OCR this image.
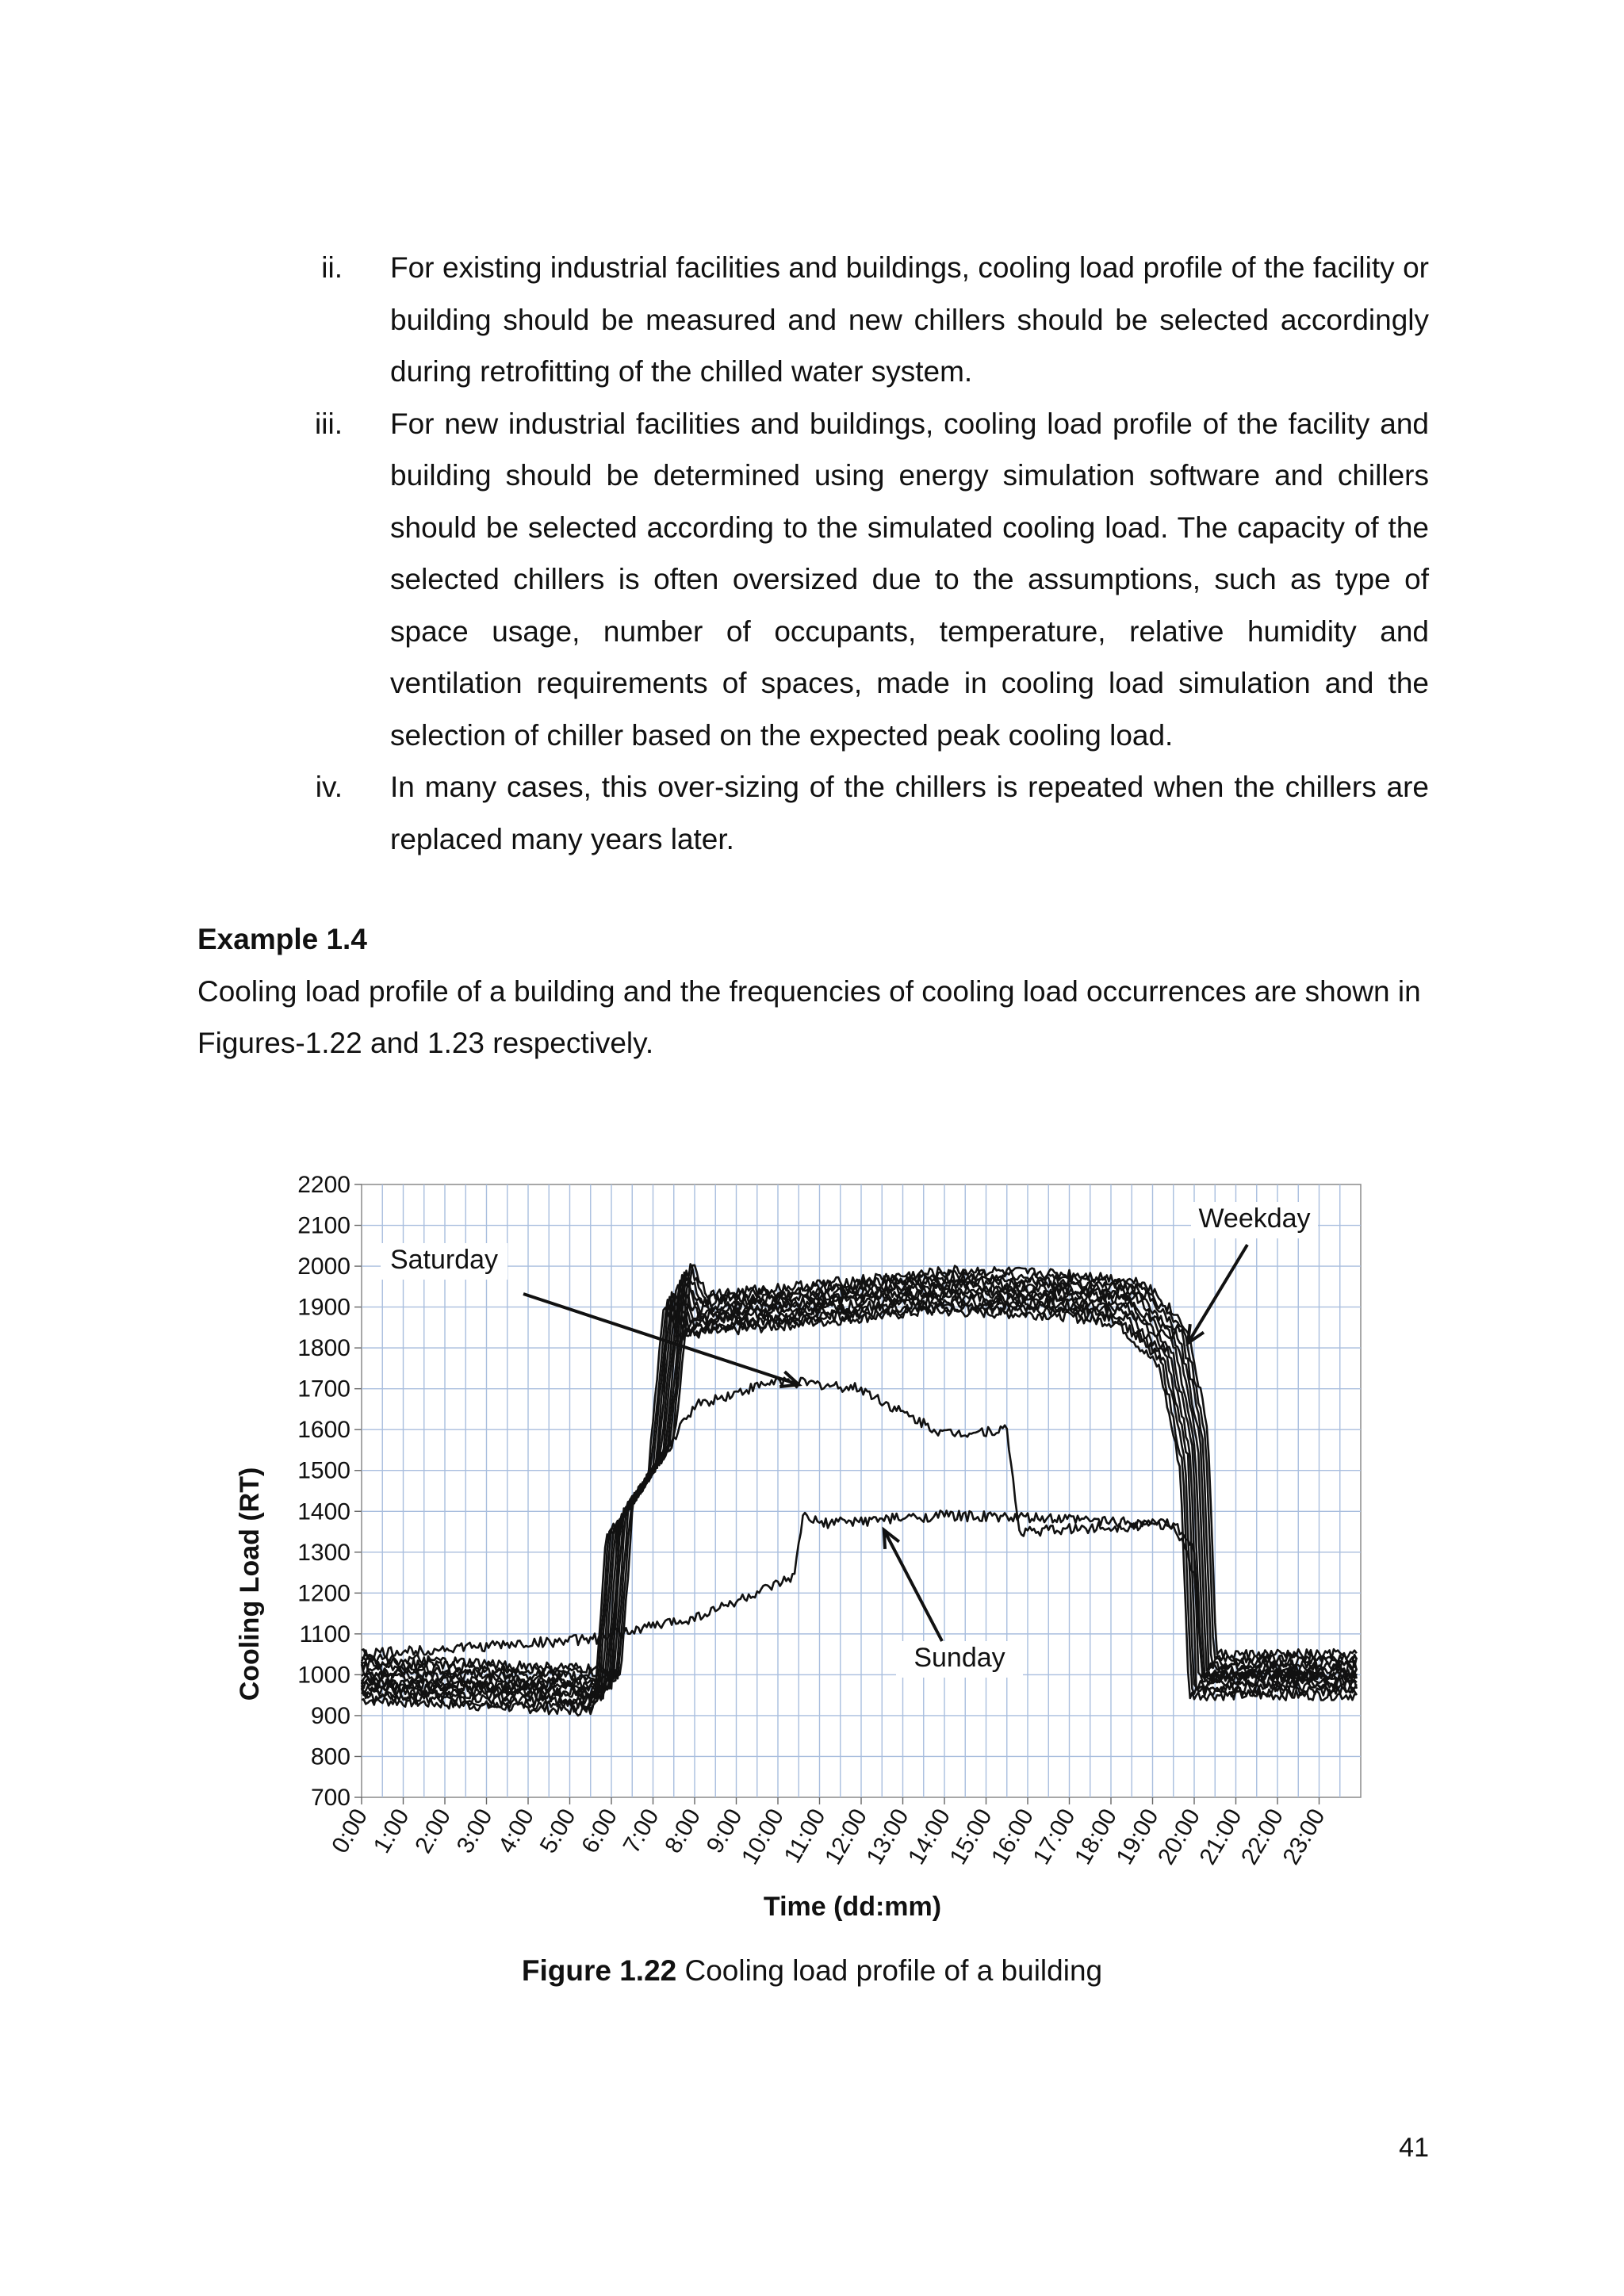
ii. For existing industrial facilities and buildings, cooling load profile of the facility or building should be measured and new chillers should be selected accordingly during retrofitting of the chilled water system.
iii. For new industrial facilities and buildings, cooling load profile of the facility and building should be determined using energy simulation software and chillers should be selected according to the simulated cooling load. The capacity of the selected chillers is often oversized due to the assumptions, such as type of space usage, number of occupants, temperature, relative humidity and ventilation requirements of spaces, made in cooling load simulation and the selection of chiller based on the expected peak cooling load.
iv. In many cases, this over-sizing of the chillers is repeated when the chillers are replaced many years later.
Example 1.4
Cooling load profile of a building and the frequencies of cooling load occurrences are shown in Figures-1.22 and 1.23 respectively.
700
800
900
1000
1100
1200
1300
1400
1500
1600
1700
1800
1900
2000
2100
2200
0:00
1:00
2:00
3:00
4:00
5:00
6:00
7:00
8:00
9:00
10:00
11:00
12:00
13:00
14:00
15:00
16:00
17:00
18:00
19:00
20:00
21:00
22:00
23:00
Saturday
Weekday
Sunday
Cooling Load (RT)
Time (dd:mm)
Figure 1.22 Cooling load profile of a building
41
